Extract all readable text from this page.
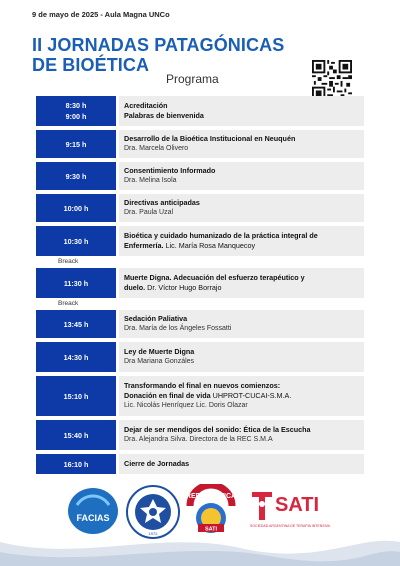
9 de mayo de 2025 - Aula Magna UNCo
II JORNADAS PATAGÓNICAS
DE BIOÉTICA
Programa
8:30 h
9:00 h
Acreditación
Palabras de bienvenida
9:15 h
Desarrollo de la Bioética Institucional en Neuquén
Dra. Marcela Olivero
9:30 h
Consentimiento Informado
Dra. Melina Isola
10:00 h
Directivas anticipadas
Dra. Paula Uzal
10:30 h
Bioética y cuidado humanizado de la práctica integral de
Enfermería. Lic. María Rosa Manquecoy
Breack
11:30 h
Muerte Digna. Adecuación del esfuerzo terapéutico y
duelo. Dr. Víctor Hugo Borrajo
Breack
13:45 h
Sedación Paliativa
Dra. María de los Ángeles Fossatti
14:30 h
Ley de Muerte Digna
Dra Mariana Gonzáles
15:10 h
Transformando el final en nuevos comienzos:
Donación en final de vida UHPROT-CUCAI-S.M.A.
Lic. Nicolás Henríquez Lic. Doris Olazar
15:40 h
Dejar de ser mendigos del sonido: Ética de la Escucha
Dra. Alejandra Silva. Directora de la REC S.M.A
16:10 h	Cierre de Jornadas
FACIAS
1972
SATI
RED BIOÉTICA SATI
SOCIEDAD ARGENTINA DE TERAPIA INTENSIVA
